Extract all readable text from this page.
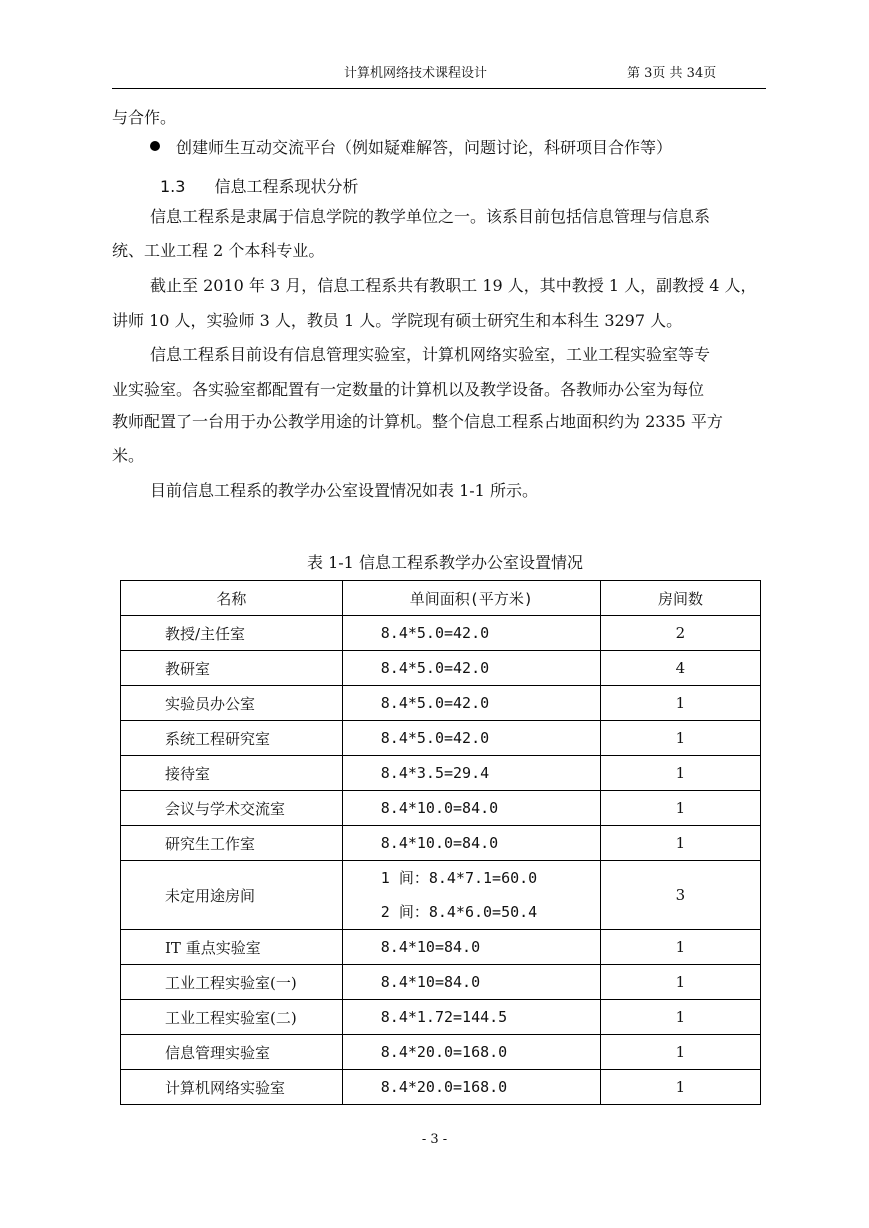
计算机网络技术课程设计	第 3页 共 34页
与合作。
创建师生互动交流平台（例如疑难解答，问题讨论，科研项目合作等）
1.3 信息工程系现状分析
信息工程系是隶属于信息学院的教学单位之一。该系目前包括信息管理与信息系
统、工业工程 2 个本科专业。
截止至 2010 年 3 月，信息工程系共有教职工 19 人，其中教授 1 人，副教授 4 人，
讲师 10 人，实验师 3 人，教员 1 人。学院现有硕士研究生和本科生 3297 人。
信息工程系目前设有信息管理实验室，计算机网络实验室，工业工程实验室等专
业实验室。各实验室都配置有一定数量的计算机以及教学设备。各教师办公室为每位
教师配置了一台用于办公教学用途的计算机。整个信息工程系占地面积约为 2335 平方
米。
目前信息工程系的教学办公室设置情况如表 1-1 所示。
表 1-1 信息工程系教学办公室设置情况
名称	单间面积(平方米)	房间数
教授/主任室	8.4*5.0=42.0	2
教研室	8.4*5.0=42.0	4
实验员办公室	8.4*5.0=42.0	1
系统工程研究室	8.4*5.0=42.0	1
接待室	8.4*3.5=29.4	1
会议与学术交流室	8.4*10.0=84.0	1
研究生工作室	8.4*10.0=84.0	1
未定用途房间	1 间：8.4*7.1=60.0
2 间：8.4*6.0=50.4	3
IT 重点实验室	8.4*10=84.0	1
工业工程实验室(一)	8.4*10=84.0	1
工业工程实验室(二)	8.4*1.72=144.5	1
信息管理实验室	8.4*20.0=168.0	1
计算机网络实验室	8.4*20.0=168.0	1
- 3 -
